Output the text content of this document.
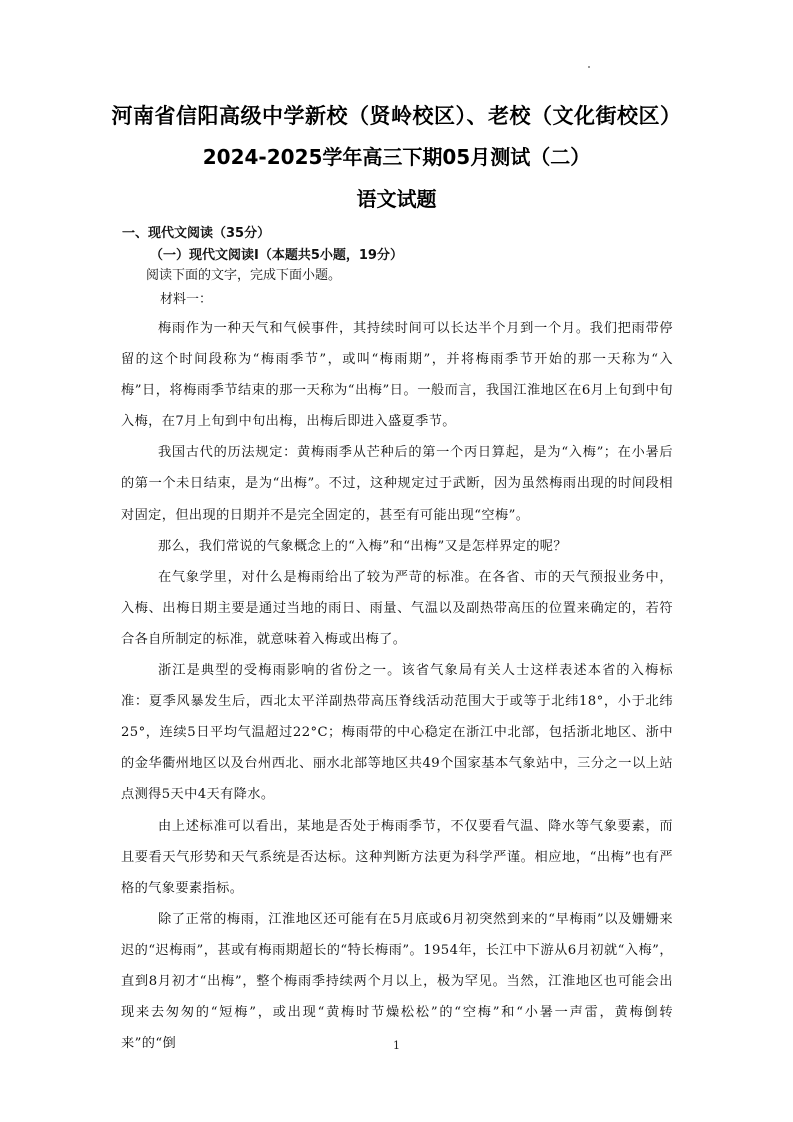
河南省信阳高级中学新校（贤岭校区）、老校（文化街校区）
2024-2025学年高三下期05月测试（二）
语文试题
一、现代文阅读（35分）
（一）现代文阅读Ⅰ（本题共5小题，19分）
阅读下面的文字，完成下面小题。
材料一：

梅雨作为一种天气和气候事件，其持续时间可以长达半个月到一个月。我们把雨带停留的这个时间段称为“梅雨季节”，或叫“梅雨期”，并将梅雨季节开始的那一天称为“入梅”日，将梅雨季节结束的那一天称为“出梅”日。一般而言，我国江淮地区在6月上旬到中旬入梅，在7月上旬到中旬出梅，出梅后即进入盛夏季节。

我国古代的历法规定：黄梅雨季从芒种后的第一个丙日算起，是为“入梅”；在小暑后的第一个未日结束，是为“出梅”。不过，这种规定过于武断，因为虽然梅雨出现的时间段相对固定，但出现的日期并不是完全固定的，甚至有可能出现“空梅”。

那么，我们常说的气象概念上的“入梅”和“出梅”又是怎样界定的呢？

在气象学里，对什么是梅雨给出了较为严苛的标准。在各省、市的天气预报业务中，入梅、出梅日期主要是通过当地的雨日、雨量、气温以及副热带高压的位置来确定的，若符合各自所制定的标准，就意味着入梅或出梅了。

浙江是典型的受梅雨影响的省份之一。该省气象局有关人士这样表述本省的入梅标准：夏季风暴发生后，西北太平洋副热带高压脊线活动范围大于或等于北纬18°，小于北纬25°，连续5日平均气温超过22°C；梅雨带的中心稳定在浙江中北部，包括浙北地区、浙中的金华衢州地区以及台州西北、丽水北部等地区共49个国家基本气象站中，三分之一以上站点测得5天中4天有降水。

由上述标准可以看出，某地是否处于梅雨季节，不仅要看气温、降水等气象要素，而且要看天气形势和天气系统是否达标。这种判断方法更为科学严谨。相应地，“出梅”也有严格的气象要素指标。

除了正常的梅雨，江淮地区还可能有在5月底或6月初突然到来的“早梅雨”以及姗姗来迟的“迟梅雨”，甚或有梅雨期超长的“特长梅雨”。1954年，长江中下游从6月初就“入梅”，直到8月初才“出梅”，整个梅雨季持续两个月以上，极为罕见。当然，江淮地区也可能会出现来去匆匆的“短梅”，或出现“黄梅时节燥松松”的“空梅”和“小暑一声雷，黄梅倒转来”的“倒	1
